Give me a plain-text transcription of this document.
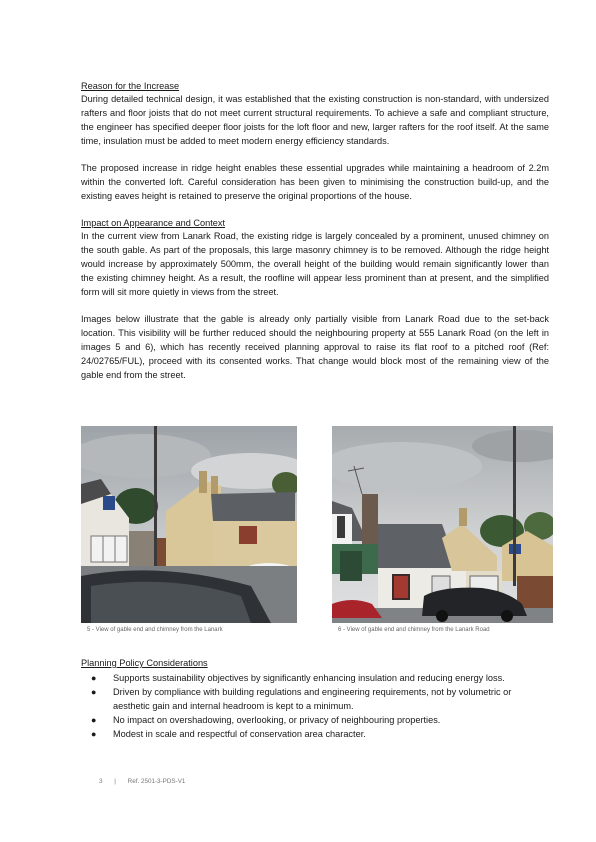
Reason for the Increase

During detailed technical design, it was established that the existing construction is non-standard, with undersized rafters and floor joists that do not meet current structural requirements. To achieve a safe and compliant structure, the engineer has specified deeper floor joists for the loft floor and new, larger rafters for the roof itself. At the same time, insulation must be added to meet modern energy efficiency standards.

The proposed increase in ridge height enables these essential upgrades while maintaining a headroom of 2.2m within the converted loft. Careful consideration has been given to minimising the construction build-up, and the existing eaves height is retained to preserve the original proportions of the house.

Impact on Appearance and Context

In the current view from Lanark Road, the existing ridge is largely concealed by a prominent, unused chimney on the south gable. As part of the proposals, this large masonry chimney is to be removed. Although the ridge height would increase by approximately 500mm, the overall height of the building would remain significantly lower than the existing chimney height. As a result, the roofline will appear less prominent than at present, and the simplified form will sit more quietly in views from the street.

Images below illustrate that the gable is already only partially visible from Lanark Road due to the set-back location. This visibility will be further reduced should the neighbouring property at 555 Lanark Road (on the left in images 5 and 6), which has recently received planning approval to raise its flat roof to a pitched roof (Ref: 24/02765/FUL), proceed with its consented works. That change would block most of the remaining view of the gable end from the street.

5 - View of gable end and chimney from the Lanark	6 - View of gable end and chimney from the Lanark Road

Planning Policy Considerations

● Supports sustainability objectives by significantly enhancing insulation and reducing energy loss.
● Driven by compliance with building regulations and engineering requirements, not by volumetric or aesthetic gain and internal headroom is kept to a minimum.
● No impact on overshadowing, overlooking, or privacy of neighbouring properties.
● Modest in scale and respectful of conservation area character.
3 | Ref. 2501-3-PDS-V1
